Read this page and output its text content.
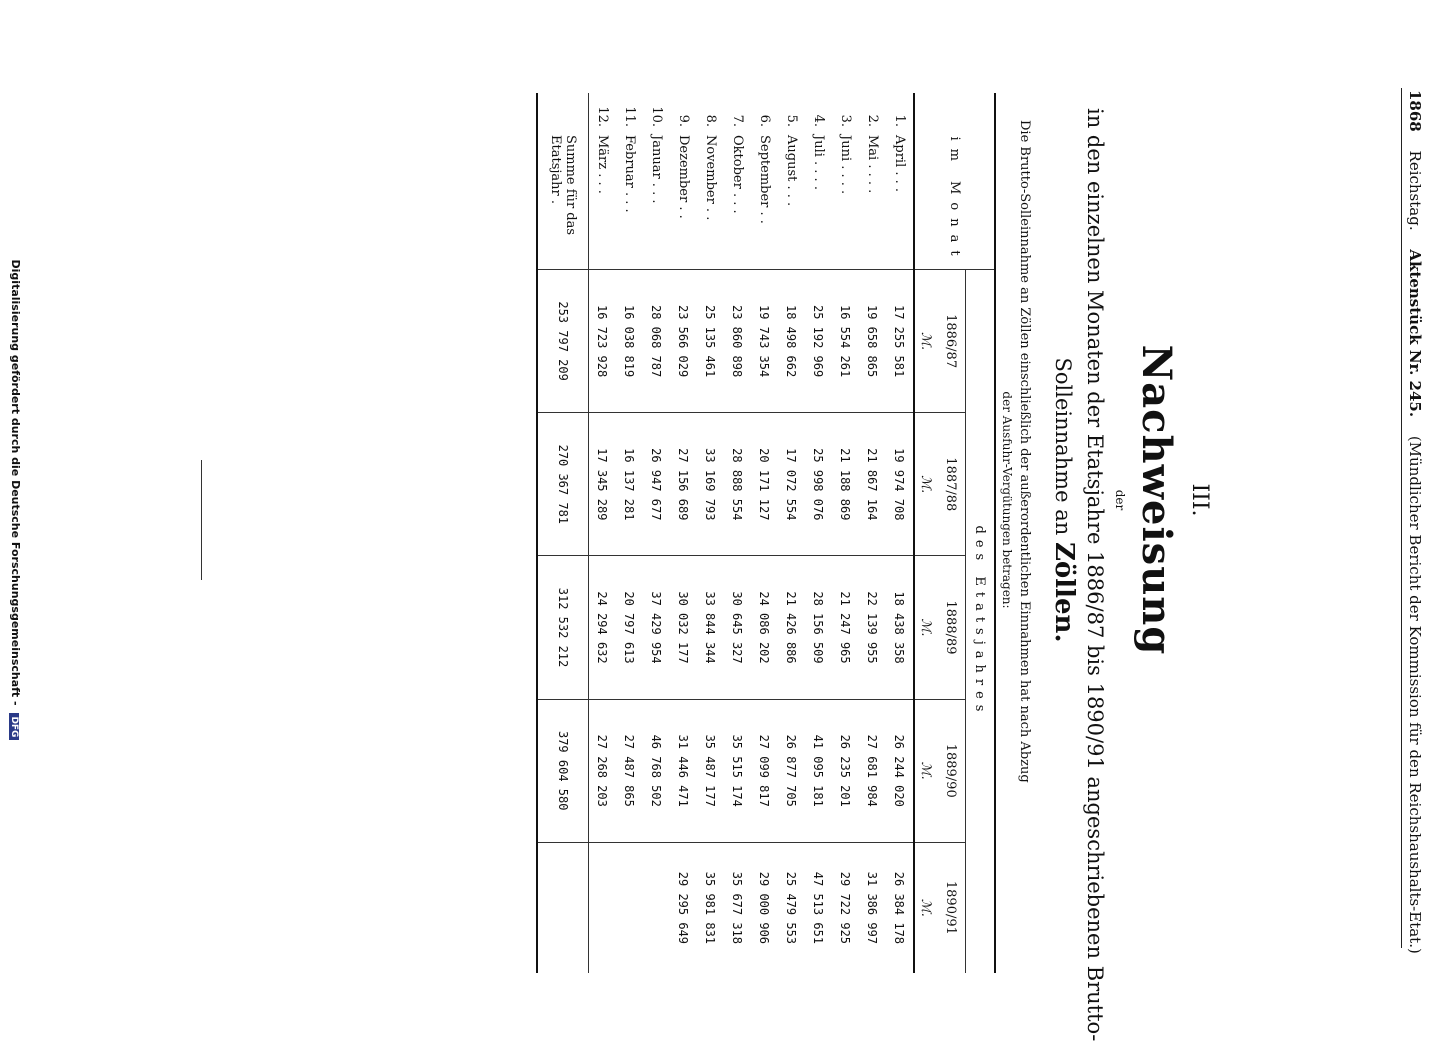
1868 Reichstag. Aktenstück Nr. 245. (Mündlicher Bericht der Kommission für den Reichshaushalts-Etat.)
III.
Nachweisung
der
in den einzelnen Monaten der Etatsjahre 1886/87 bis 1890/91 angeschriebenen Brutto-
Solleinnahme an Zöllen.
Die Brutto-Solleinnahme an Zöllen einschließlich der außerordentlichen Einnahmen hat nach Abzug
der Ausfuhr-Vergütungen betragen:
	im Monat	des Etatsjahres				
		1886/87	1887/88	1888/89	1889/90	1890/91
		ℳ.	ℳ.	ℳ.	ℳ.	ℳ.
1.	April . . .	17 255 581	19 974 708	18 438 358	26 244 020	26 384 178
2.	Mai . . . .	19 658 865	21 867 164	22 139 955	27 681 984	31 386 997
3.	Juni . . . .	16 554 261	21 188 869	21 247 965	26 235 201	29 722 925
4.	Juli . . . .	25 192 969	25 998 076	28 156 509	41 095 181	47 513 651
5.	August . . .	18 498 662	17 072 554	21 426 886	26 877 705	25 479 553
6.	September . .	19 743 354	20 171 127	24 086 202	27 099 817	29 000 906
7.	Oktober . . .	23 860 898	28 888 554	30 645 327	35 515 174	35 677 318
8.	November . .	25 135 461	33 169 793	33 844 344	35 487 177	35 981 831
9.	Dezember . .	23 566 029	27 156 689	30 032 177	31 446 471	29 295 649
10.	Januar . . .	28 068 787	26 947 677	37 429 954	46 768 502	
11.	Februar . . .	16 038 819	16 137 281	20 797 613	27 487 865	
12.	März . . .	16 723 928	17 345 289	24 294 632	27 268 203	
	Summe für das Etatsjahr .	253 797 209	270 367 781	312 532 212	379 604 580	
Digitalisierung gefördert durch die Deutsche Forschungsgemeinschaft - DFG
